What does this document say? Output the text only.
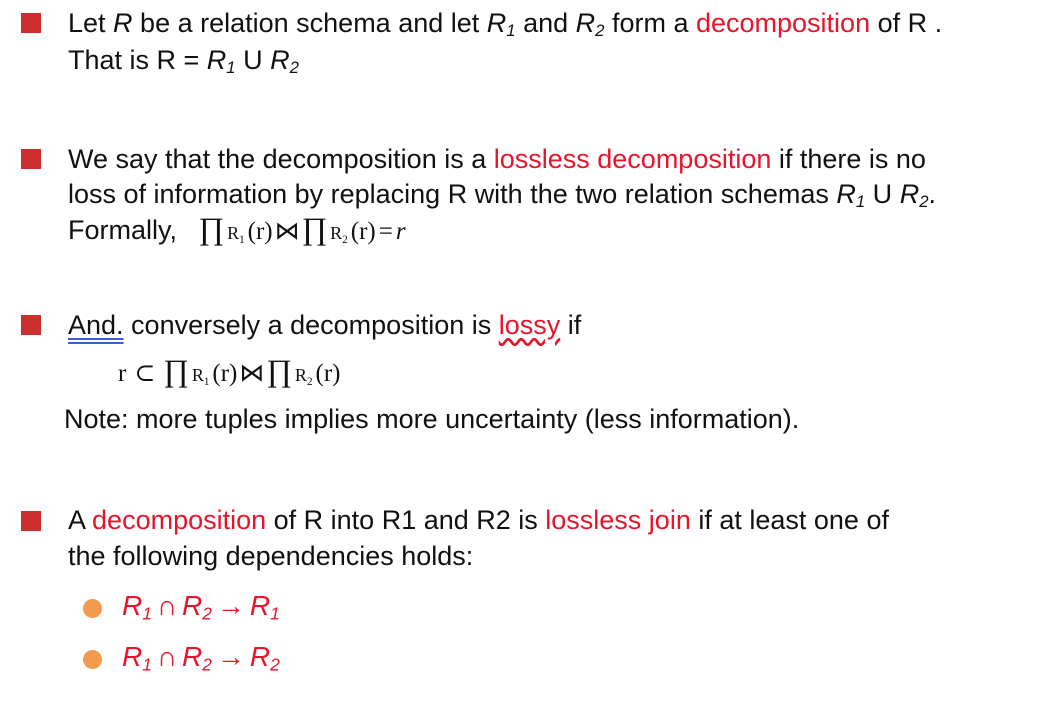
Let R be a relation schema and let $R_1$ and $R_2$ form a decomposition of R .
That is $R = R_1$ U $R_2$
We say that the decomposition is a lossless decomposition if there is no
loss of information by replacing R with the two relation schemas $R_1$ U $R_2$.
Formally, ∏ $R_1$ (r)⋈∏ $R_2$ (r) = r
And. conversely a decomposition is lossy if
r ⊂ ∏ $R_1$ (r)⋈∏ $R_2$ (r)
Note: more tuples implies more uncertainty (less information).
A decomposition of R into R1 and R2 is lossless join if at least one of
the following dependencies holds:
$R_1$ ∩ $R_2 \to R_1$
$R_1$ ∩ $R_2 \to R_2$
